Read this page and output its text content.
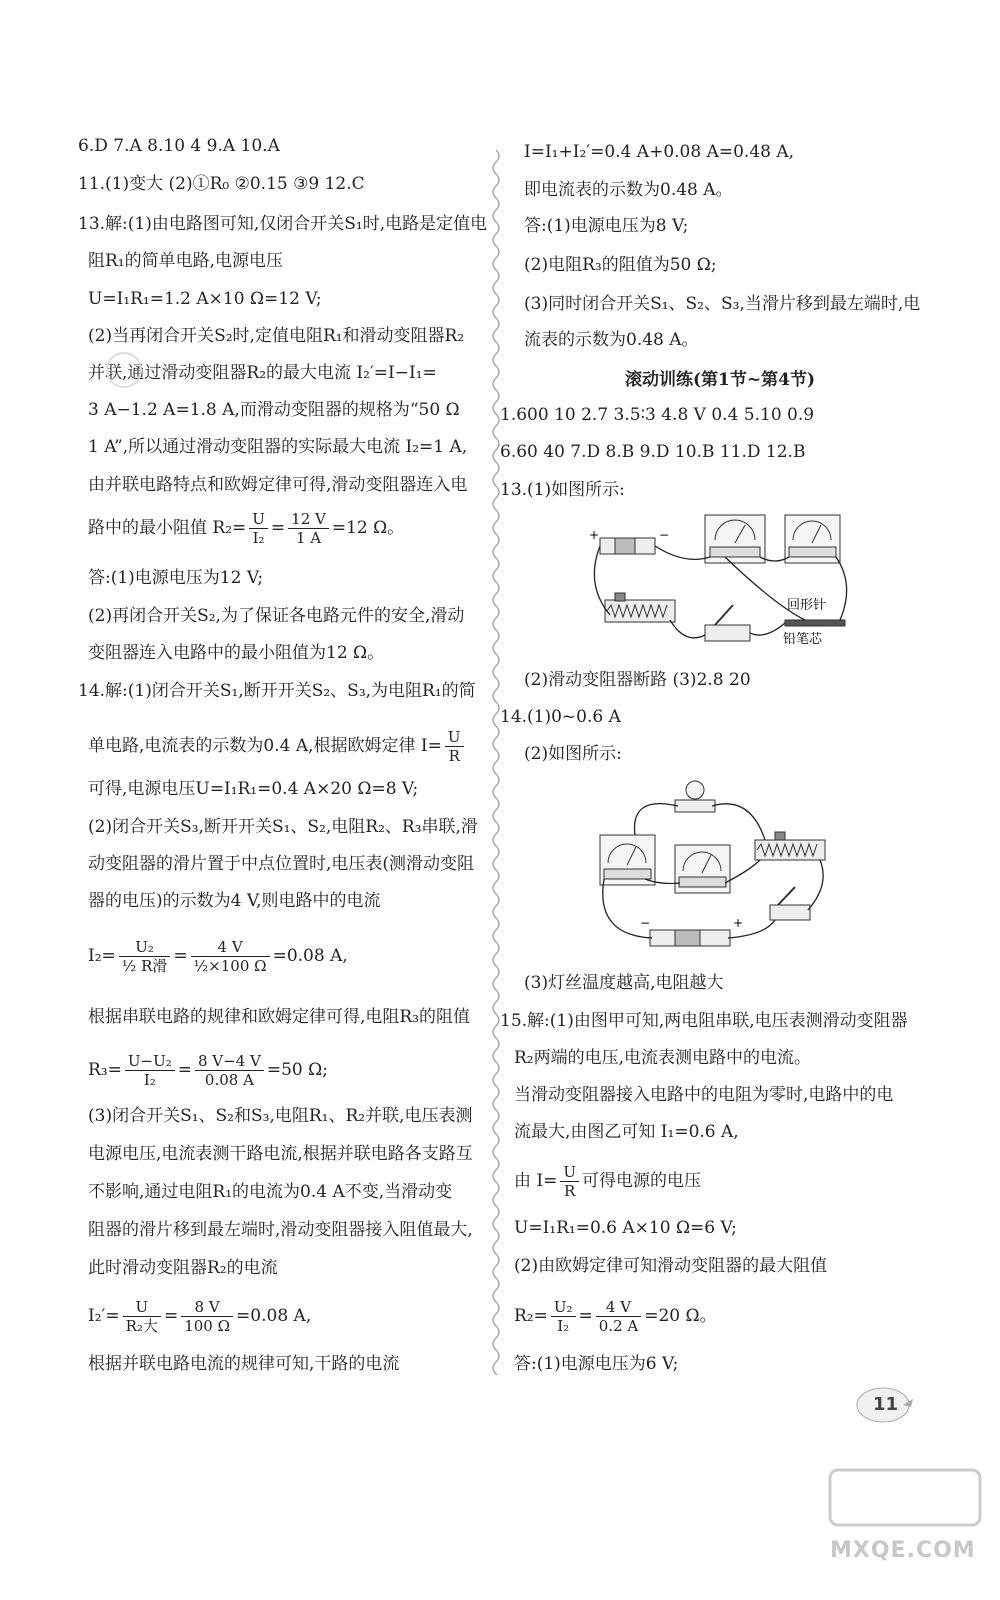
6.D 7.A 8.10 4 9.A 10.A
11.(1)变大 (2)①R₀ ②0.15 ③9 12.C
13.解:(1)由电路图可知,仅闭合开关S₁时,电路是定值电
阻R₁的简单电路,电源电压
U=I₁R₁=1.2 A×10 Ω=12 V;
(2)当再闭合开关S₂时,定值电阻R₁和滑动变阻器R₂
并联,通过滑动变阻器R₂的最大电流 I₂′=I−I₁=
3 A−1.2 A=1.8 A,而滑动变阻器的规格为“50 Ω
1 A”,所以通过滑动变阻器的实际最大电流 I₂=1 A,
由并联电路特点和欧姆定律可得,滑动变阻器连入电
路中的最小阻值 $R_2= \frac{U}{\text{I₂}} = \frac{12 V}{1 A} =12$ Ω。
答:(1)电源电压为12 V;
(2)再闭合开关S₂,为了保证各电路元件的安全,滑动
变阻器连入电路中的最小阻值为12 Ω。
14.解:(1)闭合开关S₁,断开开关S₂、S₃,为电阻R₁的简
单电路,电流表的示数为0.4 A,根据欧姆定律 $I= \frac{U}{R}$
可得,电源电压U=I₁R₁=0.4 A×20 Ω=8 V;
(2)闭合开关S₃,断开开关S₁、S₂,电阻R₂、R₃串联,滑
动变阻器的滑片置于中点位置时,电压表(测滑动变阻
器的电压)的示数为4 V,则电路中的电流
$I_2= \frac{\text{U₂}}{\text{½ R滑}} = \frac{4 V}{\text{½×100 Ω}} =0.08$ A,
根据串联电路的规律和欧姆定律可得,电阻R₃的阻值
$R_3= \frac{\text{U−U₂}}{\text{I₂}} = \frac{8 V-4 V}{0.08 A} =50$ Ω;
(3)闭合开关S₁、S₂和S₃,电阻R₁、R₂并联,电压表测
电源电压,电流表测干路电流,根据并联电路各支路互
不影响,通过电阻R₁的电流为0.4 A不变,当滑动变
阻器的滑片移到最左端时,滑动变阻器接入阻值最大,
此时滑动变阻器R₂的电流
$I_2'= \frac{U}{\text{R₂大}} = \frac{8 V}{100 \Omega} =0.08$ A,
根据并联电路电流的规律可知,干路的电流
I=I₁+I₂′=0.4 A+0.08 A=0.48 A,
即电流表的示数为0.48 A。
答:(1)电源电压为8 V;
(2)电阻R₃的阻值为50 Ω;
(3)同时闭合开关S₁、S₂、S₃,当滑片移到最左端时,电
流表的示数为0.48 A。
滚动训练(第1节~第4节)
1.600 10 2.7 3.5∶3 4.8 V 0.4 5.10 0.9
6.60 40 7.D 8.B 9.D 10.B 11.D 12.B
13.(1)如图所示:
+	−
回形针
铅笔芯
(2)滑动变阻器断路 (3)2.8 20
14.(1)0~0.6 A
(2)如图所示:
−	+
(3)灯丝温度越高,电阻越大
15.解:(1)由图甲可知,两电阻串联,电压表测滑动变阻器
R₂两端的电压,电流表测电路中的电流。
当滑动变阻器接入电路中的电阻为零时,电路中的电
流最大,由图乙可知 I₁=0.6 A,
由 $I= \frac{U}{R}$ 可得电源的电压
U=I₁R₁=0.6 A×10 Ω=6 V;
(2)由欧姆定律可知滑动变阻器的最大阻值
$R_2= \frac{\text{U₂}}{\text{I₂}} = \frac{4 V}{0.2 A} =20$ Ω。
答:(1)电源电压为6 V;
11
MXQE.COM
